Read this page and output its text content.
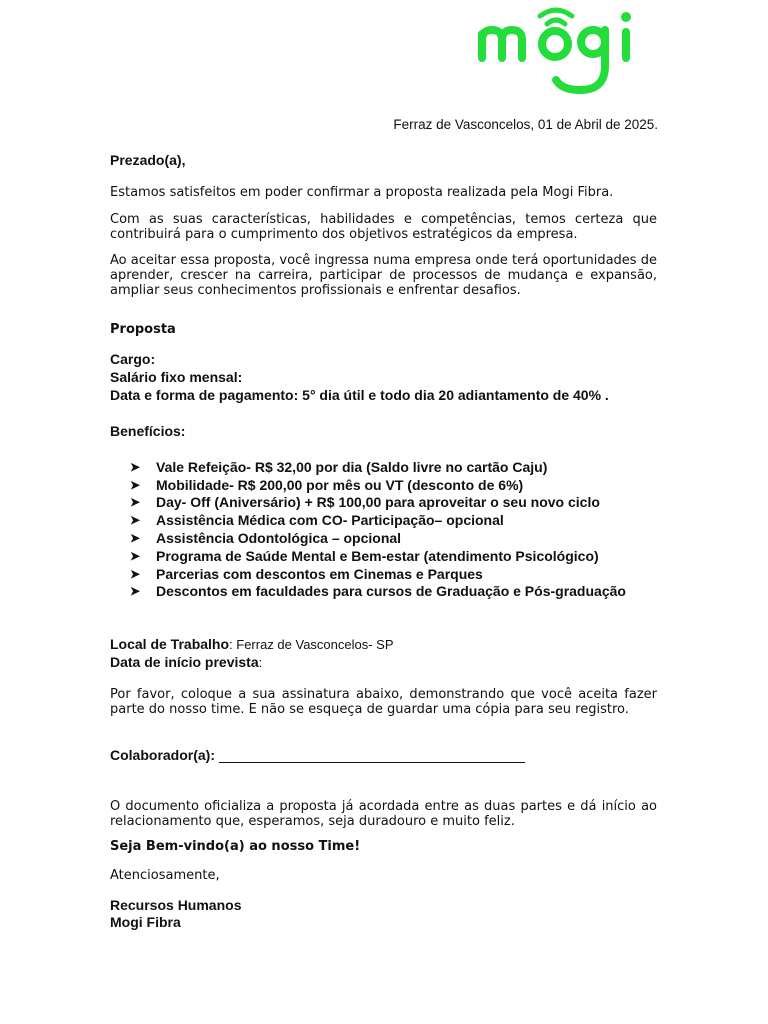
Ferraz de Vasconcelos, 01 de Abril de 2025.
Prezado(a),
Estamos satisfeitos em poder confirmar a proposta realizada pela Mogi Fibra.
Com as suas características, habilidades e competências, temos certeza que contribuirá para o cumprimento dos objetivos estratégicos da empresa.
Ao aceitar essa proposta, você ingressa numa empresa onde terá oportunidades de aprender, crescer na carreira, participar de processos de mudança e expansão, ampliar seus conhecimentos profissionais e enfrentar desafios.
Proposta
Cargo:
Salário fixo mensal:
Data e forma de pagamento: 5° dia útil e todo dia 20 adiantamento de 40% .
Benefícios:
➤	Vale Refeição- R$ 32,00 por dia (Saldo livre no cartão Caju)
➤	Mobilidade- R$ 200,00 por mês ou VT (desconto de 6%)
➤	Day- Off (Aniversário) + R$ 100,00 para aproveitar o seu novo ciclo
➤	Assistência Médica com CO- Participação– opcional
➤	Assistência Odontológica – opcional
➤	Programa de Saúde Mental e Bem-estar (atendimento Psicológico)
➤	Parcerias com descontos em Cinemas e Parques
➤	Descontos em faculdades para cursos de Graduação e Pós-graduação
Local de Trabalho: Ferraz de Vasconcelos- SP
Data de início prevista:
Por favor, coloque a sua assinatura abaixo, demonstrando que você aceita fazer parte do nosso time. E não se esqueça de guardar uma cópia para seu registro.
Colaborador(a):
O documento oficializa a proposta já acordada entre as duas partes e dá início ao relacionamento que, esperamos, seja duradouro e muito feliz.
Seja Bem-vindo(a) ao nosso Time!
Atenciosamente,
Recursos Humanos
Mogi Fibra
